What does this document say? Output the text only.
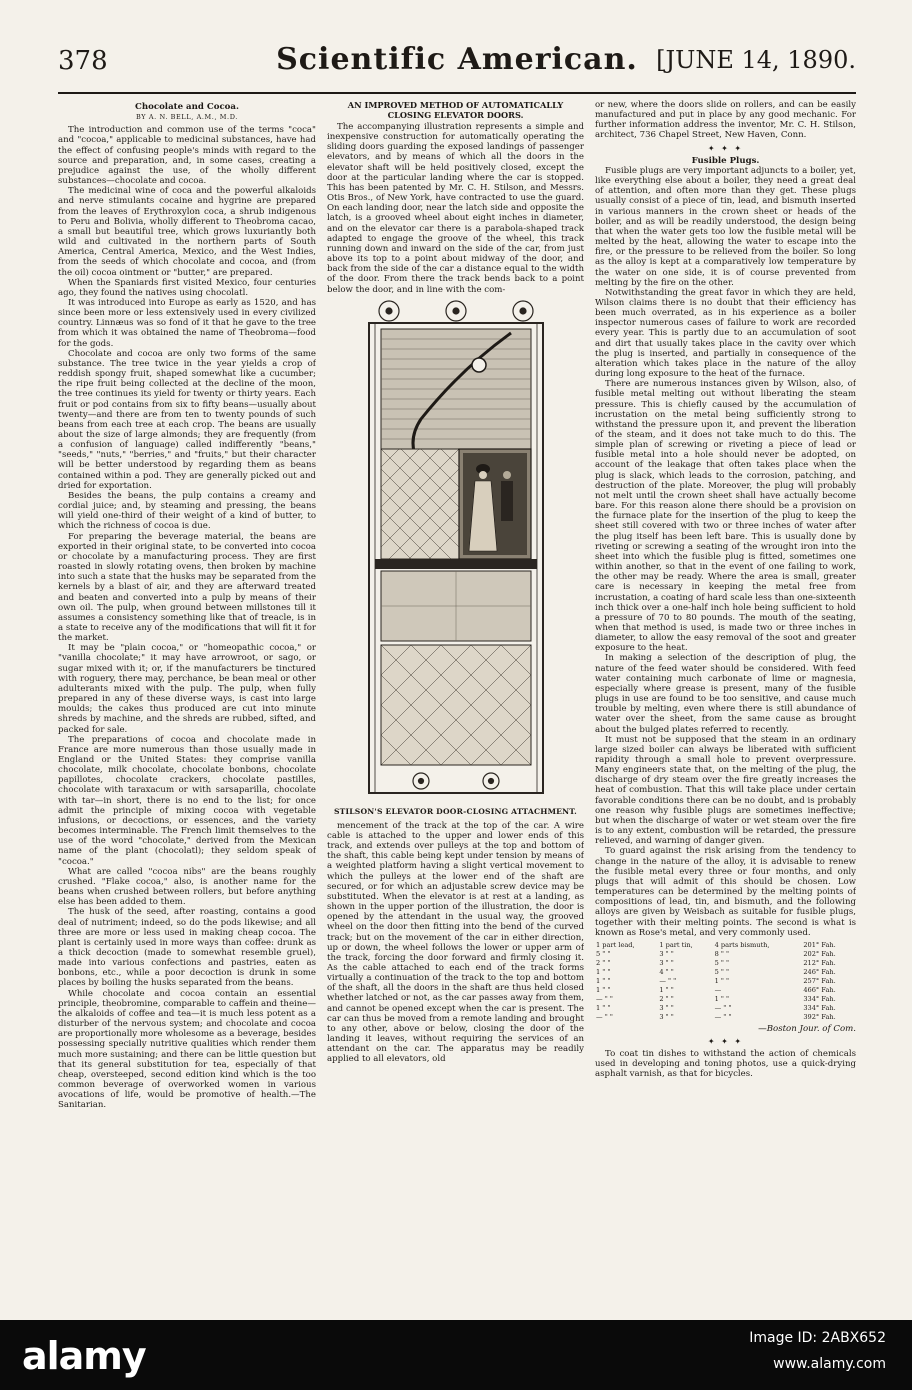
378	Scientific American. [JUNE 14, 1890.
Chocolate and Cocoa.
BY A. N. BELL, A.M., M.D.

The introduction and common use of the terms "coca" and "cocoa," applicable to medicinal substances, have had the effect of confusing people's minds with regard to the source and preparation, and, in some cases, creating a prejudice against the use, of the wholly different substances—chocolate and cocoa.

The medicinal wine of coca and the powerful alkaloids and nerve stimulants cocaine and hygrine are prepared from the leaves of Erythroxylon coca, a shrub indigenous to Peru and Bolivia, wholly different to Theobroma cacao, a small but beautiful tree, which grows luxuriantly both wild and cultivated in the northern parts of South America, Central America, Mexico, and the West Indies, from the seeds of which chocolate and cocoa, and (from the oil) cocoa ointment or "butter," are prepared.

When the Spaniards first visited Mexico, four centuries ago, they found the natives using chocolatl.

It was introduced into Europe as early as 1520, and has since been more or less extensively used in every civilized country. Linnæus was so fond of it that he gave to the tree from which it was obtained the name of Theobroma—food for the gods.

Chocolate and cocoa are only two forms of the same substance. The tree twice in the year yields a crop of reddish spongy fruit, shaped somewhat like a cucumber; the ripe fruit being collected at the decline of the moon, the tree continues its yield for twenty or thirty years. Each fruit or pod contains from six to fifty beans—usually about twenty—and there are from ten to twenty pounds of such beans from each tree at each crop. The beans are usually about the size of large almonds; they are frequently (from a confusion of language) called indifferently "beans," "seeds," "nuts," "berries," and "fruits," but their character will be better understood by regarding them as beans contained within a pod. They are generally picked out and dried for exportation.

Besides the beans, the pulp contains a creamy and cordial juice; and, by steaming and pressing, the beans will yield one-third of their weight of a kind of butter, to which the richness of cocoa is due.

For preparing the beverage material, the beans are exported in their original state, to be converted into cocoa or chocolate by a manufacturing process. They are first roasted in slowly rotating ovens, then broken by machine into such a state that the husks may be separated from the kernels by a blast of air, and they are afterward treated and beaten and converted into a pulp by means of their own oil. The pulp, when ground between millstones till it assumes a consistency something like that of treacle, is in a state to receive any of the modifications that will fit it for the market.

It may be "plain cocoa," or "homeopathic cocoa," or "vanilla chocolate;" it may have arrowroot, or sago, or sugar mixed with it; or, if the manufacturers be tinctured with roguery, there may, perchance, be bean meal or other adulterants mixed with the pulp. The pulp, when fully prepared in any of these diverse ways, is cast into large moulds; the cakes thus produced are cut into minute shreds by machine, and the shreds are rubbed, sifted, and packed for sale.

The preparations of cocoa and chocolate made in France are more numerous than those usually made in England or the United States: they comprise vanilla chocolate, milk chocolate, chocolate bonbons, chocolate papillotes, chocolate crackers, chocolate pastilles, chocolate with taraxacum or with sarsaparilla, chocolate with tar—in short, there is no end to the list; for once admit the principle of mixing cocoa with vegetable infusions, or decoctions, or essences, and the variety becomes interminable. The French limit themselves to the use of the word "chocolate," derived from the Mexican name of the plant (chocolatl); they seldom speak of "cocoa."

What are called "cocoa nibs" are the beans roughly crushed. "Flake cocoa," also, is another name for the beans when crushed between rollers, but before anything else has been added to them.

The husk of the seed, after roasting, contains a good deal of nutriment; indeed, so do the pods likewise; and all three are more or less used in making cheap cocoa. The plant is certainly used in more ways than coffee: drunk as a thick decoction (made to somewhat resemble gruel), made into various confections and pastries, eaten as bonbons, etc., while a poor decoction is drunk in some places by boiling the husks separated from the beans.

While chocolate and cocoa contain an essential principle, theobromine, comparable to caffein and theine—the alkaloids of coffee and tea—it is much less potent as a disturber of the nervous system; and chocolate and cocoa are proportionally more wholesome as a beverage, besides possessing specially nutritive qualities which render them much more sustaining; and there can be little question but that its general substitution for tea, especially of that cheap, oversteeped, second edition kind which is the too common beverage of overworked women in various avocations of life, would be promotive of health.—The Sanitarian.

AN IMPROVED METHOD OF AUTOMATICALLY
CLOSING ELEVATOR DOORS.

The accompanying illustration represents a simple and inexpensive construction for automatically operating the sliding doors guarding the exposed landings of passenger elevators, and by means of which all the doors in the elevator shaft will be held positively closed, except the door at the particular landing where the car is stopped. This has been patented by Mr. C. H. Stilson, and Messrs. Otis Bros., of New York, have contracted to use the guard. On each landing door, near the latch side and opposite the latch, is a grooved wheel about eight inches in diameter, and on the elevator car there is a parabola-shaped track adapted to engage the groove of the wheel, this track running down and inward on the side of the car, from just above its top to a point about midway of the door, and back from the side of the car a distance equal to the width of the door. From there the track bends back to a point below the door, and in line with the com-

STILSON'S ELEVATOR DOOR-CLOSING ATTACHMENT.

mencement of the track at the top of the car. A wire cable is attached to the upper and lower ends of this track, and extends over pulleys at the top and bottom of the shaft, this cable being kept under tension by means of a weighted platform having a slight vertical movement to which the pulleys at the lower end of the shaft are secured, or for which an adjustable screw device may be substituted. When the elevator is at rest at a landing, as shown in the upper portion of the illustration, the door is opened by the attendant in the usual way, the grooved wheel on the door then fitting into the bend of the curved track; but on the movement of the car in either direction, up or down, the wheel follows the lower or upper arm of the track, forcing the door forward and firmly closing it. As the cable attached to each end of the track forms virtually a continuation of the track to the top and bottom of the shaft, all the doors in the shaft are thus held closed whether latched or not, as the car passes away from them, and cannot be opened except when the car is present. The car can thus be moved from a remote landing and brought to any other, above or below, closing the door of the landing it leaves, without requiring the services of an attendant on the car. The apparatus may be readily applied to all elevators, old

or new, where the doors slide on rollers, and can be easily manufactured and put in place by any good mechanic. For further information address the inventor, Mr. C. H. Stilson, architect, 736 Chapel Street, New Haven, Conn.

✦ ✦ ✦
Fusible Plugs.

Fusible plugs are very important adjuncts to a boiler, yet, like everything else about a boiler, they need a great deal of attention, and often more than they get. These plugs usually consist of a piece of tin, lead, and bismuth inserted in various manners in the crown sheet or heads of the boiler, and as will be readily understood, the design being that when the water gets too low the fusible metal will be melted by the heat, allowing the water to escape into the fire, or the pressure to be relieved from the boiler. So long as the alloy is kept at a comparatively low temperature by the water on one side, it is of course prevented from melting by the fire on the other.

Notwithstanding the great favor in which they are held, Wilson claims there is no doubt that their efficiency has been much overrated, as in his experience as a boiler inspector numerous cases of failure to work are recorded every year. This is partly due to an accumulation of soot and dirt that usually takes place in the cavity over which the plug is inserted, and partially in consequence of the alteration which takes place in the nature of the alloy during long exposure to the heat of the furnace.

There are numerous instances given by Wilson, also, of fusible metal melting out without liberating the steam pressure. This is chiefly caused by the accumulation of incrustation on the metal being sufficiently strong to withstand the pressure upon it, and prevent the liberation of the steam, and it does not take much to do this. The simple plan of screwing or riveting a piece of lead or fusible metal into a hole should never be adopted, on account of the leakage that often takes place when the plug is slack, which leads to the corrosion, patching, and destruction of the plate. Moreover, the plug will probably not melt until the crown sheet shall have actually become bare. For this reason alone there should be a provision on the furnace plate for the insertion of the plug to keep the sheet still covered with two or three inches of water after the plug itself has been left bare. This is usually done by riveting or screwing a seating of the wrought iron into the sheet into which the fusible plug is fitted, sometimes one within another, so that in the event of one failing to work, the other may be ready. Where the area is small, greater care is necessary in keeping the metal free from incrustation, a coating of hard scale less than one-sixteenth inch thick over a one-half inch hole being sufficient to hold a pressure of 70 to 80 pounds. The mouth of the seating, when that method is used, is made two or three inches in diameter, to allow the easy removal of the soot and greater exposure to the heat.

In making a selection of the description of plug, the nature of the feed water should be considered. With feed water containing much carbonate of lime or magnesia, especially where grease is present, many of the fusible plugs in use are found to be too sensitive, and cause much trouble by melting, even where there is still abundance of water over the sheet, from the same cause as brought about the bulged plates referred to recently.

It must not be supposed that the steam in an ordinary large sized boiler can always be liberated with sufficient rapidity through a small hole to prevent overpressure. Many engineers state that, on the melting of the plug, the discharge of dry steam over the fire greatly increases the heat of combustion. That this will take place under certain favorable conditions there can be no doubt, and is probably one reason why fusible plugs are sometimes ineffective; but when the discharge of water or wet steam over the fire is to any extent, combustion will be retarded, the pressure relieved, and warning of danger given.

To guard against the risk arising from the tendency to change in the nature of the alloy, it is advisable to renew the fusible metal every three or four months, and only plugs that will admit of this should be chosen. Low temperatures can be determined by the melting points of compositions of lead, tin, and bismuth, and the following alloys are given by Weisbach as suitable for fusible plugs, together with their melting points. The second is what is known as Rose's metal, and very commonly used.

1 part lead,	1 part tin,	4 parts bismuth,	201° Fah.
5 " "	3 " "	8 " "	202° Fah.
2 " "	3 " "	5 " "	212° Fah.
1 " "	4 " "	5 " "	246° Fah.
1 " "	— " "	1 " "	257° Fah.
1 " "	1 " "	—	466° Fah.
— " "	2 " "	1 " "	334° Fah.
1 " "	3 " "	— " "	334° Fah.
— " "	3 " "	— " "	392° Fah.
—Boston Jour. of Com.
✦ ✦ ✦

To coat tin dishes to withstand the action of chemicals used in developing and toning photos, use a quick-drying asphalt varnish, as that for bicycles.

alamy	Image ID: 2ABX652
www.alamy.com
